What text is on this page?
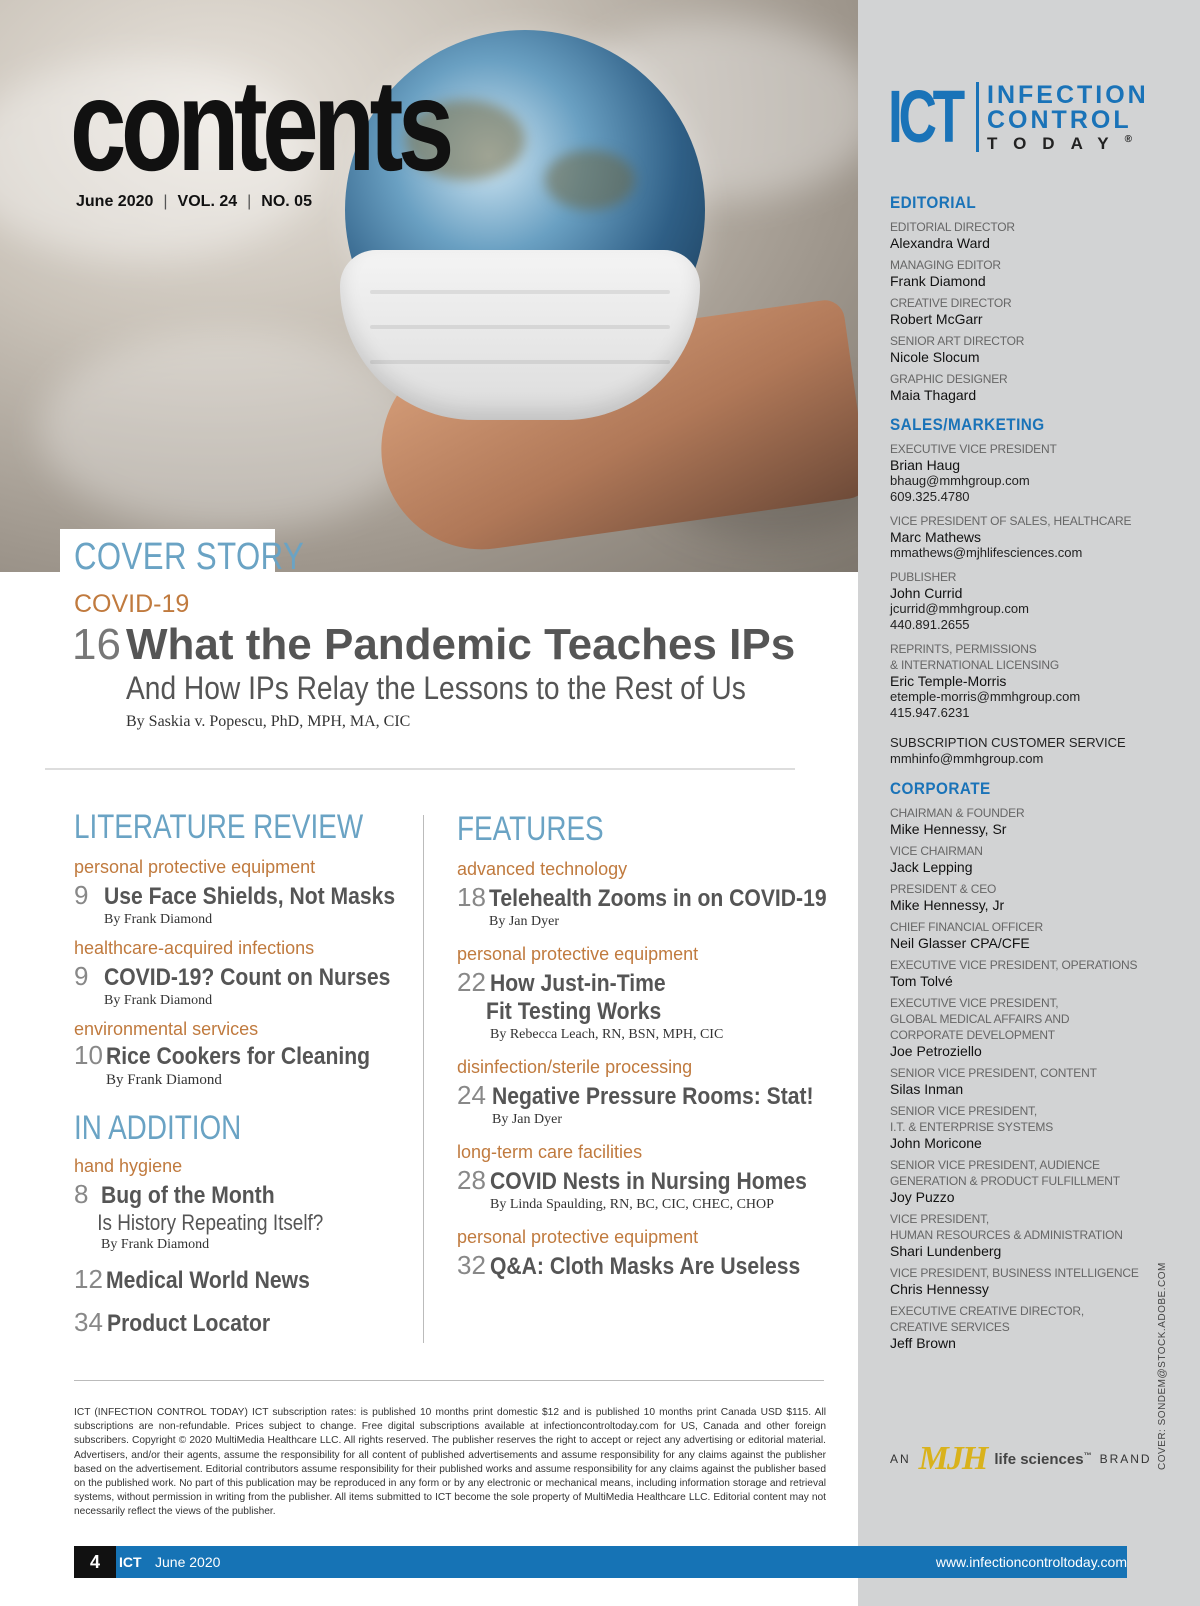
contents
June 2020 | VOL. 24 | NO. 05
ICT INFECTION
CONTROL
TODAY®
EDITORIAL
EDITORIAL DIRECTOR
Alexandra Ward
MANAGING EDITOR
Frank Diamond
CREATIVE DIRECTOR
Robert McGarr
SENIOR ART DIRECTOR
Nicole Slocum
GRAPHIC DESIGNER
Maia Thagard
SALES/MARKETING
EXECUTIVE VICE PRESIDENT
Brian Haug
bhaug@mmhgroup.com
609.325.4780
VICE PRESIDENT OF SALES, HEALTHCARE
Marc Mathews
mmathews@mjhlifesciences.com
PUBLISHER
John Currid
jcurrid@mmhgroup.com
440.891.2655
REPRINTS, PERMISSIONS
& INTERNATIONAL LICENSING
Eric Temple-Morris
etemple-morris@mmhgroup.com
415.947.6231
SUBSCRIPTION CUSTOMER SERVICE
mmhinfo@mmhgroup.com
CORPORATE
CHAIRMAN & FOUNDER
Mike Hennessy, Sr
VICE CHAIRMAN
Jack Lepping
PRESIDENT & CEO
Mike Hennessy, Jr
CHIEF FINANCIAL OFFICER
Neil Glasser CPA/CFE
EXECUTIVE VICE PRESIDENT, OPERATIONS
Tom Tolvé
EXECUTIVE VICE PRESIDENT,
GLOBAL MEDICAL AFFAIRS AND
CORPORATE DEVELOPMENT
Joe Petroziello
SENIOR VICE PRESIDENT, CONTENT
Silas Inman
SENIOR VICE PRESIDENT,
I.T. & ENTERPRISE SYSTEMS
John Moricone
SENIOR VICE PRESIDENT, AUDIENCE
GENERATION & PRODUCT FULFILLMENT
Joy Puzzo
VICE PRESIDENT,
HUMAN RESOURCES & ADMINISTRATION
Shari Lundenberg
VICE PRESIDENT, BUSINESS INTELLIGENCE
Chris Hennessy
EXECUTIVE CREATIVE DIRECTOR,
CREATIVE SERVICES
Jeff Brown
AN MJH life sciences™ BRAND COVER: SONDEM@STOCK.ADOBE.COM
COVER STORY
COVID-19
16 What the Pandemic Teaches IPs
And How IPs Relay the Lessons to the Rest of Us
By Saskia v. Popescu, PhD, MPH, MA, CIC
LITERATURE REVIEW
personal protective equipment
9 Use Face Shields, Not Masks
By Frank Diamond
healthcare-acquired infections
9 COVID-19? Count on Nurses
By Frank Diamond
environmental services
10 Rice Cookers for Cleaning
By Frank Diamond
IN ADDITION
hand hygiene
8 Bug of the Month
Is History Repeating Itself?
By Frank Diamond
12 Medical World News
34 Product Locator
FEATURES
advanced technology
18 Telehealth Zooms in on COVID-19
By Jan Dyer
personal protective equipment
22 How Just-in-Time
Fit Testing Works
By Rebecca Leach, RN, BSN, MPH, CIC
disinfection/sterile processing
24 Negative Pressure Rooms: Stat!
By Jan Dyer
long-term care facilities
28 COVID Nests in Nursing Homes
By Linda Spaulding, RN, BC, CIC, CHEC, CHOP
personal protective equipment
32 Q&A: Cloth Masks Are Useless
ICT (INFECTION CONTROL TODAY) ICT subscription rates: is published 10 months print domestic $12 and is published 10 months print Canada USD $115. All subscriptions are non-refundable. Prices subject to change. Free digital subscriptions available at infectioncontroltoday.com for US, Canada and other foreign subscribers. Copyright © 2020 MultiMedia Healthcare LLC. All rights reserved. The publisher reserves the right to accept or reject any advertising or editorial material. Advertisers, and/or their agents, assume the responsibility for all content of published advertisements and assume responsibility for any claims against the publisher based on the advertisement. Editorial contributors assume responsibility for their published works and assume responsibility for any claims against the publisher based on the published work. No part of this publication may be reproduced in any form or by any electronic or mechanical means, including information storage and retrieval systems, without permission in writing from the publisher. All items submitted to ICT become the sole property of MultiMedia Healthcare LLC. Editorial content may not necessarily reflect the views of the publisher.
4	ICT June 2020	www.infectioncontroltoday.com
